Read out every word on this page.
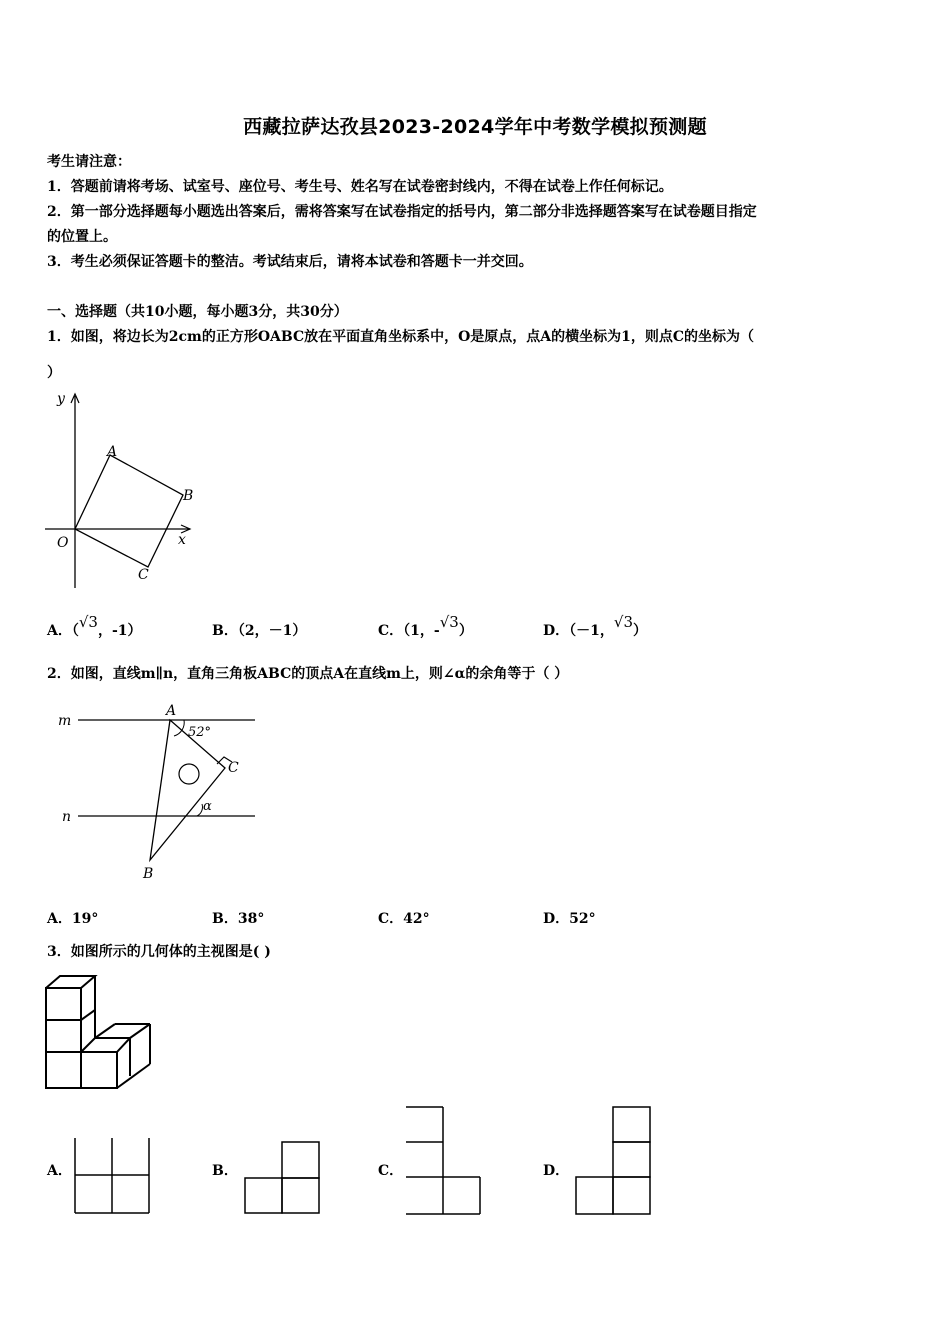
西藏拉萨达孜县2023-2024学年中考数学模拟预测题
考生请注意：
1．答题前请将考场、试室号、座位号、考生号、姓名写在试卷密封线内，不得在试卷上作任何标记。
2．第一部分选择题每小题选出答案后，需将答案写在试卷指定的括号内，第二部分非选择题答案写在试卷题目指定
的位置上。
3．考生必须保证答题卡的整洁。考试结束后，请将本试卷和答题卡一并交回。
一、选择题（共10小题，每小题3分，共30分）
1．如图，将边长为2cm的正方形OABC放在平面直角坐标系中，O是原点，点A的横坐标为1，则点C的坐标为（
）
y
x
O
A
B
C
A．（√3，-1）	B．（2，－1）	C．（1，-√3）	D．（－1，√3）
2．如图，直线m∥n，直角三角板ABC的顶点A在直线m上，则∠α的余角等于（ ）
m
n
A
B
C
52°
α
A．19°	B．38°	C．42°	D．52°
3．如图所示的几何体的主视图是( )
A．	B．	C．	D．
